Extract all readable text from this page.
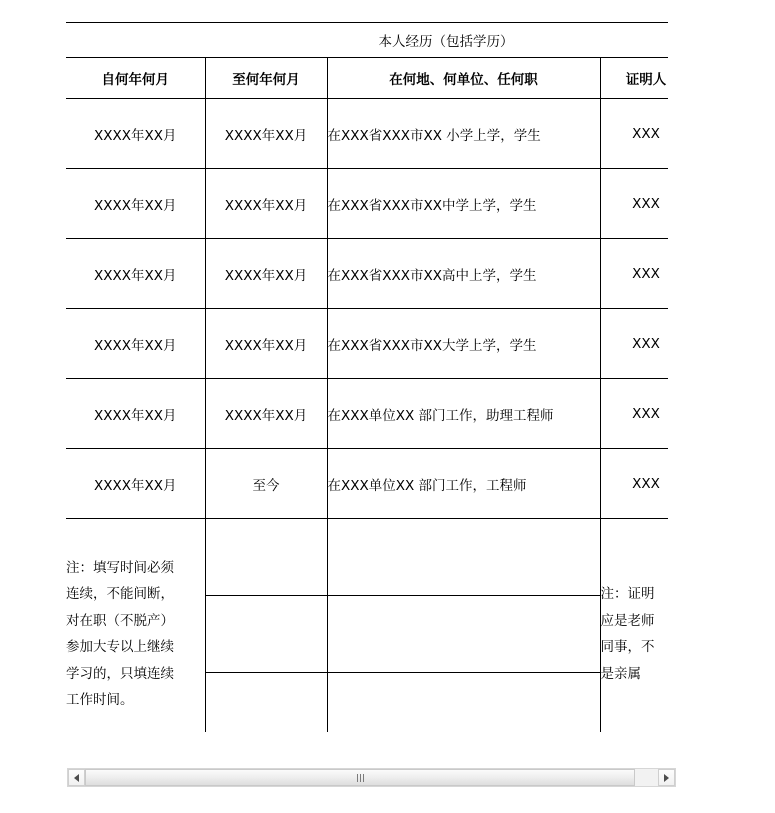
本人经历（包括学历）				
自何年何月	至何年何月	在何地、何单位、任何职	证明人	
XXXX年XX月	XXXX年XX月	在XXX省XXX市XX 小学上学，学生	XXX	
XXXX年XX月	XXXX年XX月	在XXX省XXX市XX中学上学，学生	XXX	
XXXX年XX月	XXXX年XX月	在XXX省XXX市XX高中上学，学生	XXX	
XXXX年XX月	XXXX年XX月	在XXX省XXX市XX大学上学，学生	XXX	
XXXX年XX月	XXXX年XX月	在XXX单位XX 部门工作，助理工程师	XXX	
XXXX年XX月	至今	在XXX单位XX 部门工作，工程师	XXX	

注：填写时间必须
连续，不能间断，
对在职（不脱产）
参加大专以上继续
学习的，只填连续
工作时间。

注：证明
应是老师
同事，不
是亲属
